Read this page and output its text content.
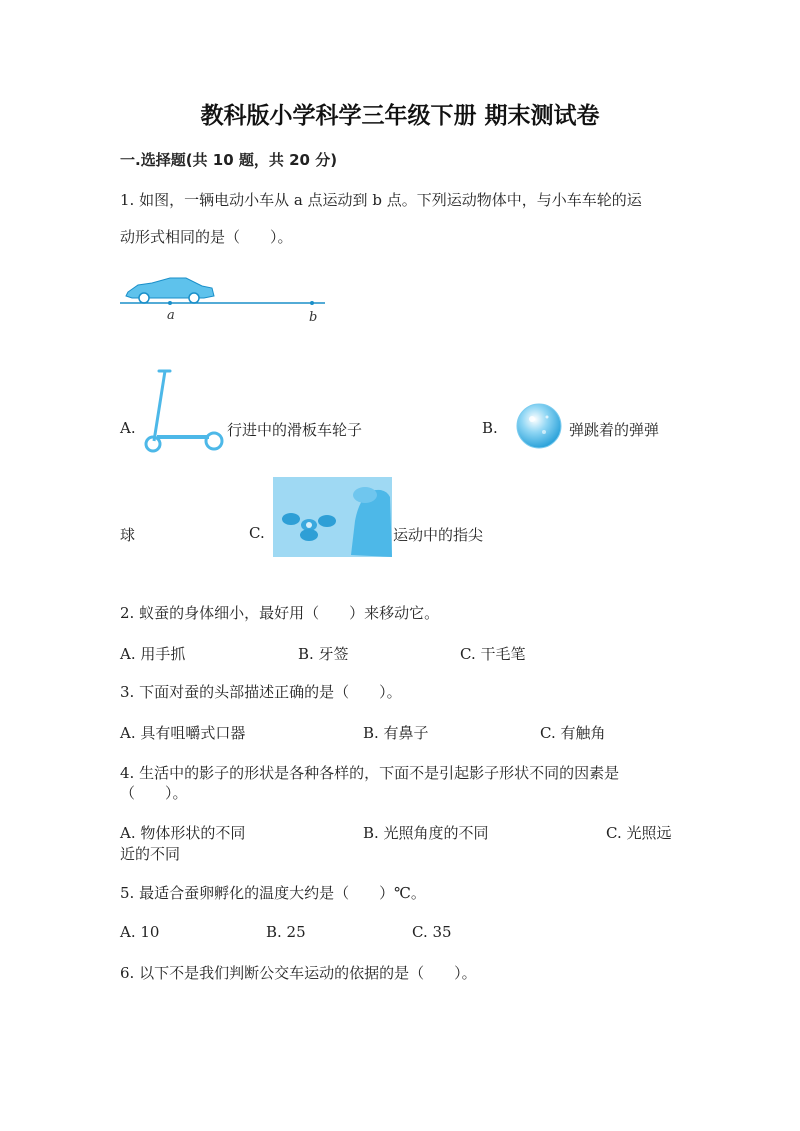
教科版小学科学三年级下册 期末测试卷
一.选择题(共 10 题，共 20 分)
1. 如图，一辆电动小车从 a 点运动到 b 点。下列运动物体中，与小车车轮的运
动形式相同的是（　　）。
a	b
A.	行进中的滑板车轮子	B.	弹跳着的弹弹
球	C.	运动中的指尖
2. 蚁蚕的身体细小，最好用（　　）来移动它。
A. 用手抓	B. 牙签	C. 干毛笔
3. 下面对蚕的头部描述正确的是（　　）。
A. 具有咀嚼式口器	B. 有鼻子	C. 有触角
4. 生活中的影子的形状是各种各样的，下面不是引起影子形状不同的因素是
（　　）。
A. 物体形状的不同	B. 光照角度的不同	C. 光照远
近的不同
5. 最适合蚕卵孵化的温度大约是（　　）℃。
A. 10	B. 25	C. 35
6. 以下不是我们判断公交车运动的依据的是（　　）。
